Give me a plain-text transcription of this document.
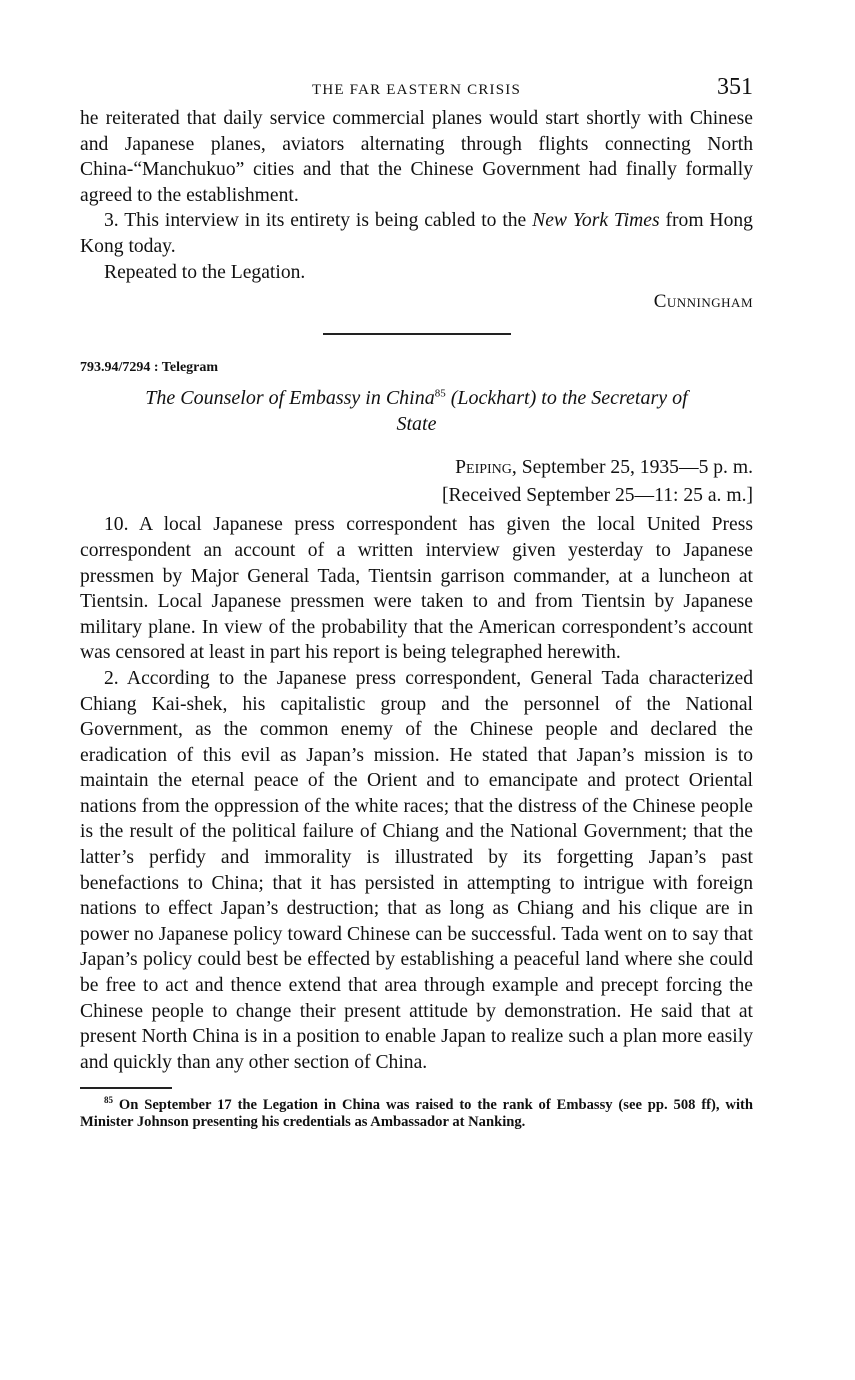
THE FAR EASTERN CRISIS	351

he reiterated that daily service commercial planes would start shortly with Chinese and Japanese planes, aviators alternating through flights connecting North China-“Manchukuo” cities and that the Chinese Government had finally formally agreed to the establishment.

3. This interview in its entirety is being cabled to the New York Times from Hong Kong today.

Repeated to the Legation.

Cunningham

793.94/7294 : Telegram

The Counselor of Embassy in China$^{85}$ (Lockhart) to the Secretary of State

Peiping, September 25, 1935—5 p. m.

[Received September 25—11: 25 a. m.]

10. A local Japanese press correspondent has given the local United Press correspondent an account of a written interview given yesterday to Japanese pressmen by Major General Tada, Tientsin garrison commander, at a luncheon at Tientsin. Local Japanese pressmen were taken to and from Tientsin by Japanese military plane. In view of the probability that the American correspondent’s account was censored at least in part his report is being telegraphed herewith.

2. According to the Japanese press correspondent, General Tada characterized Chiang Kai-shek, his capitalistic group and the personnel of the National Government, as the common enemy of the Chinese people and declared the eradication of this evil as Japan’s mission. He stated that Japan’s mission is to maintain the eternal peace of the Orient and to emancipate and protect Oriental nations from the oppression of the white races; that the distress of the Chinese people is the result of the political failure of Chiang and the National Government; that the latter’s perfidy and immorality is illustrated by its forgetting Japan’s past benefactions to China; that it has persisted in attempting to intrigue with foreign nations to effect Japan’s destruction; that as long as Chiang and his clique are in power no Japanese policy toward Chinese can be successful. Tada went on to say that Japan’s policy could best be effected by establishing a peaceful land where she could be free to act and thence extend that area through example and precept forcing the Chinese people to change their present attitude by demonstration. He said that at present North China is in a position to enable Japan to realize such a plan more easily and quickly than any other section of China.

$^{85}$ On September 17 the Legation in China was raised to the rank of Embassy (see pp. 508 ff), with Minister Johnson presenting his credentials as Ambassador at Nanking.
